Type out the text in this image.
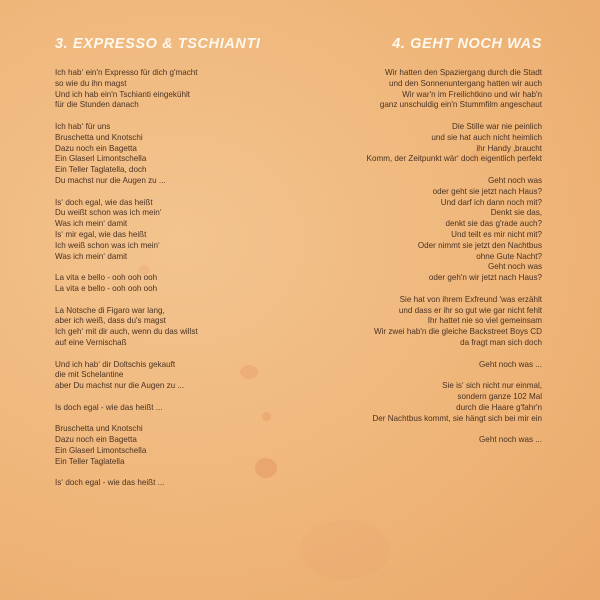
3. EXPRESSO & TSCHIANTI	4. GEHT NOCH WAS
Ich hab‘ ein'n Expresso für dich g'macht
so wie du ihn magst
Und ich hab ein'n Tschianti eingekühlt
für die Stunden danach
Ich hab‘ für uns
Bruschetta und Knotschi
Dazu noch ein Bagetta
Ein Glaserl Limontschella
Ein Teller Taglatella, doch
Du machst nur die Augen zu ...
Is‘ doch egal, wie das heißt
Du weißt schon was ich mein‘
Was ich mein‘ damit
Is‘ mir egal, wie das heißt
Ich weiß schon was ich mein‘
Was ich mein‘ damit
La vita e bello - ooh ooh ooh
La vita e bello - ooh ooh ooh
La Notsche di Figaro war lang,
aber ich weiß, dass du's magst
Ich geh‘ mit dir auch, wenn du das willst
auf eine Vernischaß
Und ich hab‘ dir Doltschis gekauft
die mit Schelantine
aber Du machst nur die Augen zu ...
Is doch egal - wie das heißt ...
Bruschetta und Knotschi
Dazu noch ein Bagetta
Ein Glaserl Limontschella
Ein Teller Taglatella
Is‘ doch egal - wie das heißt ...
Wir hatten den Spaziergang durch die Stadt
und den Sonnenuntergang hatten wir auch
Wir war'n im Freilichtkino und wir hab'n
ganz unschuldig ein'n Stummfilm angeschaut
Die Stille war nie peinlich
und sie hat auch nicht heimlich
ihr Handy ‚braucht
Komm, der Zeitpunkt wär‘ doch eigentlich perfekt
Geht noch was
oder geht sie jetzt nach Haus?
Und darf ich dann noch mit?
Denkt sie das,
denkt sie das g'rade auch?
Und teilt es mir nicht mit?
Oder nimmt sie jetzt den Nachtbus
ohne Gute Nacht?
Geht noch was
oder geh'n wir jetzt nach Haus?
Sie hat von ihrem Exfreund 'was erzählt
und dass er ihr so gut wie gar nicht fehlt
Ihr hattet nie so viel gemeinsam
Wir zwei hab'n die gleiche Backstreet Boys CD
da fragt man sich doch
Geht noch was ...
Sie is‘ sich nicht nur einmal,
sondern ganze 102 Mal
durch die Haare g'fahr'n
Der Nachtbus kommt, sie hängt sich bei mir ein
Geht noch was ...
